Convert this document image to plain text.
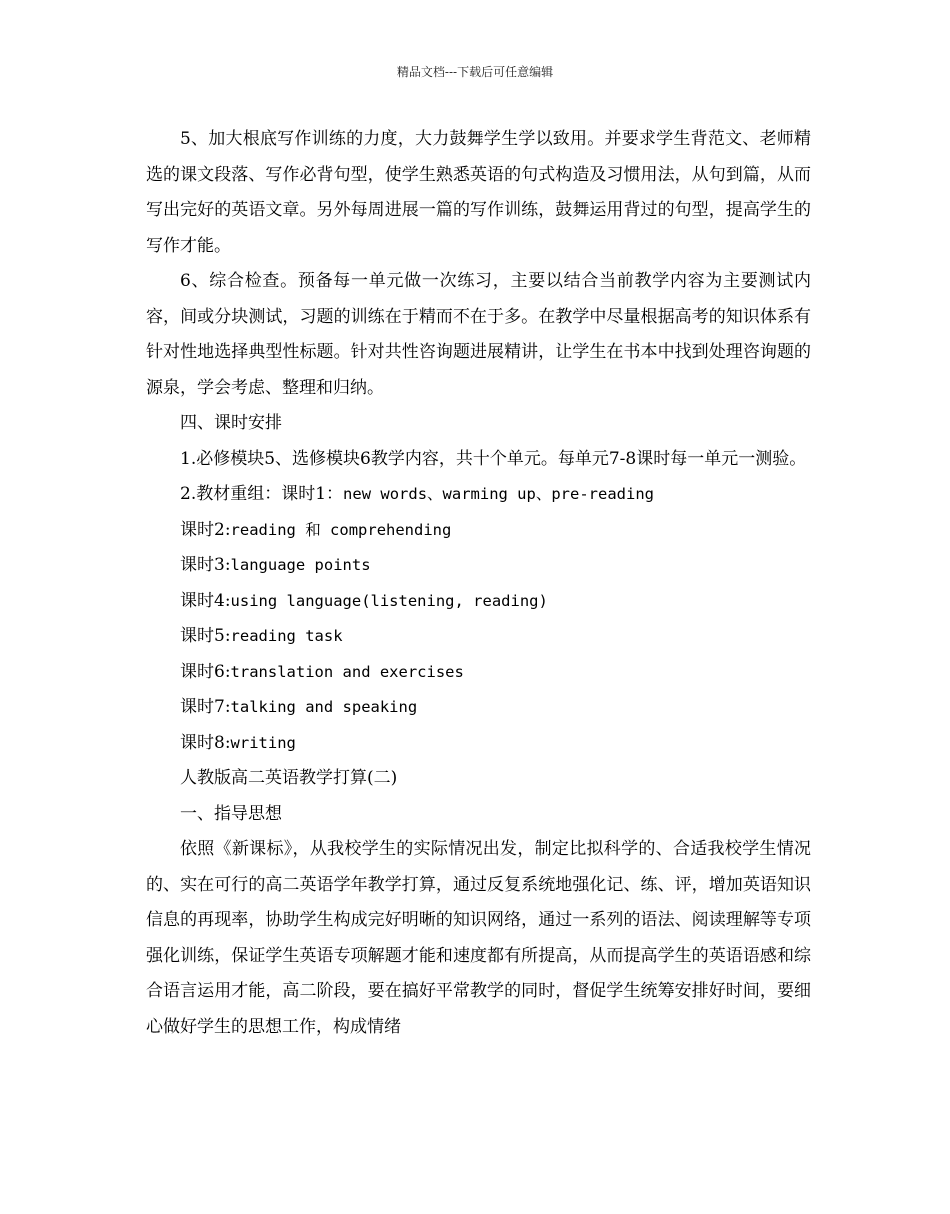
精品文档---下载后可任意编辑

5、加大根底写作训练的力度，大力鼓舞学生学以致用。并要求学生背范文、老师精选的课文段落、写作必背句型，使学生熟悉英语的句式构造及习惯用法，从句到篇，从而写出完好的英语文章。另外每周进展一篇的写作训练，鼓舞运用背过的句型，提高学生的写作才能。

6、综合检查。预备每一单元做一次练习，主要以结合当前教学内容为主要测试内容，间或分块测试，习题的训练在于精而不在于多。在教学中尽量根据高考的知识体系有针对性地选择典型性标题。针对共性咨询题进展精讲，让学生在书本中找到处理咨询题的源泉，学会考虑、整理和归纳。

四、课时安排

1.必修模块5、选修模块6教学内容，共十个单元。每单元7-8课时每一单元一测验。

2.教材重组：课时1：new words、warming up、pre-reading

课时2:reading 和 comprehending

课时3:language points

课时4:using language(listening, reading)

课时5:reading task

课时6:translation and exercises

课时7:talking and speaking

课时8:writing

人教版高二英语教学打算(二)

一、指导思想

依照《新课标》，从我校学生的实际情况出发，制定比拟科学的、合适我校学生情况的、实在可行的高二英语学年教学打算，通过反复系统地强化记、练、评，增加英语知识信息的再现率，协助学生构成完好明晰的知识网络，通过一系列的语法、阅读理解等专项强化训练，保证学生英语专项解题才能和速度都有所提高，从而提高学生的英语语感和综合语言运用才能，高二阶段，要在搞好平常教学的同时，督促学生统筹安排好时间，要细心做好学生的思想工作，构成情绪
